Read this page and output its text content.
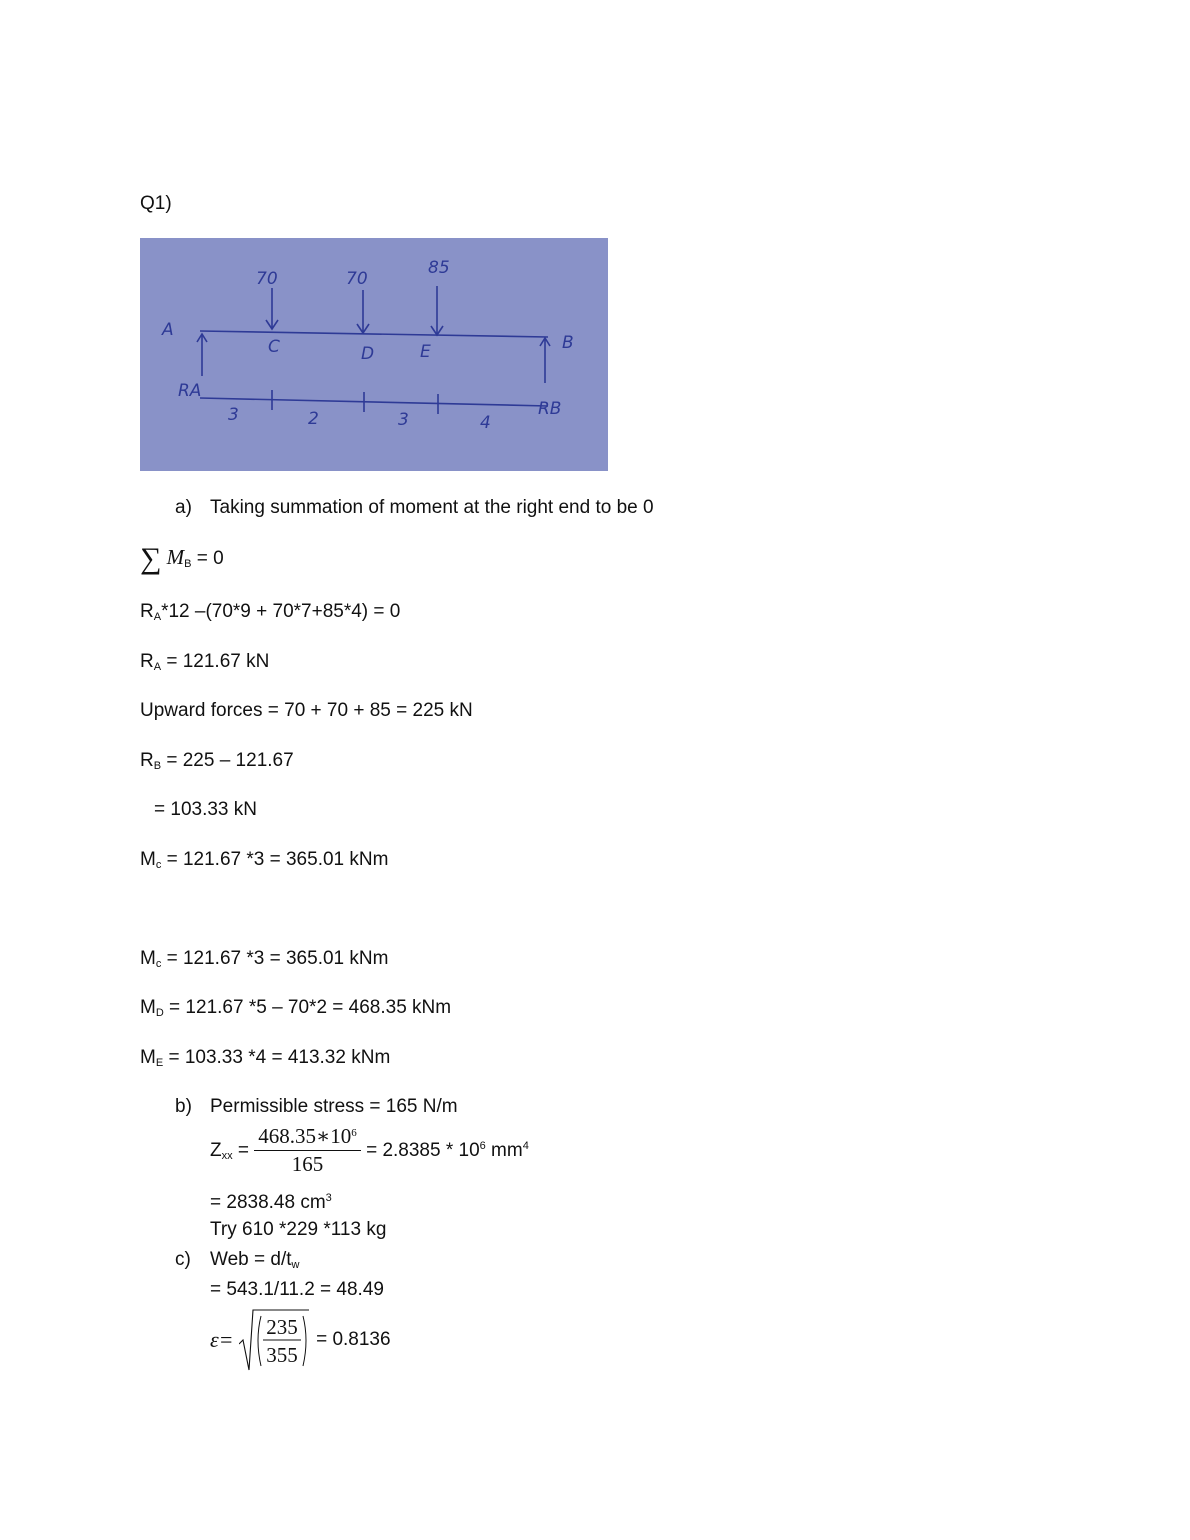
Q1)
70	70
85
A
C	D	E	B
RA
RB
3	2	3	4
a) Taking summation of moment at the right end to be 0
∑ $M_B = 0$
$R_A*12$ –(70*9 + 70*7+85*4) = 0
$R_A = 121.67$ kN
Upward forces = 70 + 70 + 85 = 225 kN
$R_B = 225 - 121.67$
= 103.33 kN
$M_c = 121.67$ *3 = 365.01 kNm
$M_c = 121.67$ *3 = 365.01 kNm
$M_D = 121.67$ *5 – 70*2 = 468.35 kNm
$M_E = 103.33$ *4 = 413.32 kNm
b) Permissible stress = 165 N/m
$Z_{xx} = \frac{468.35∗10^6}{165} = 2.8385 * 10^6$ $mm^4$
= 2838.48 $cm^3$
Try 610 *229 *113 kg
c) Web = $d/t_w$
= 543.1/11.2 = 48.49
ε= 235
355
= 0.8136
